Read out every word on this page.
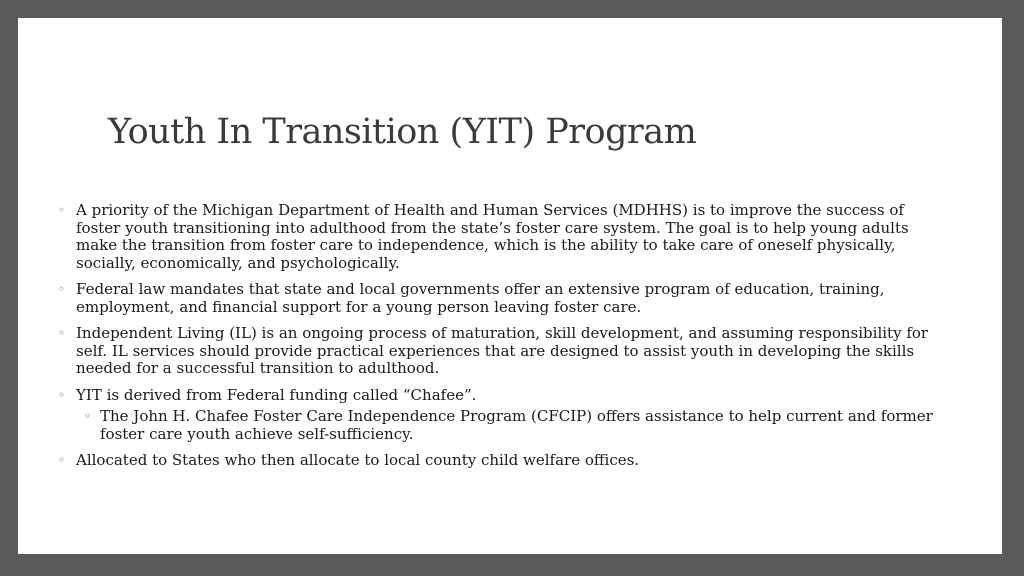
Youth In Transition (YIT) Program
◦ A priority of the Michigan Department of Health and Human Services (MDHHS) is to improve the success of foster youth transitioning into adulthood from the state’s foster care system. The goal is to help young adults make the transition from foster care to independence, which is the ability to take care of oneself physically, socially, economically, and psychologically.
◦ Federal law mandates that state and local governments offer an extensive program of education, training, employment, and financial support for a young person leaving foster care.
◦ Independent Living (IL) is an ongoing process of maturation, skill development, and assuming responsibility for self. IL services should provide practical experiences that are designed to assist youth in developing the skills needed for a successful transition to adulthood.
◦ YIT is derived from Federal funding called “Chafee”.
◦ The John H. Chafee Foster Care Independence Program (CFCIP) offers assistance to help current and former foster care youth achieve self-sufficiency.
◦ Allocated to States who then allocate to local county child welfare offices.
